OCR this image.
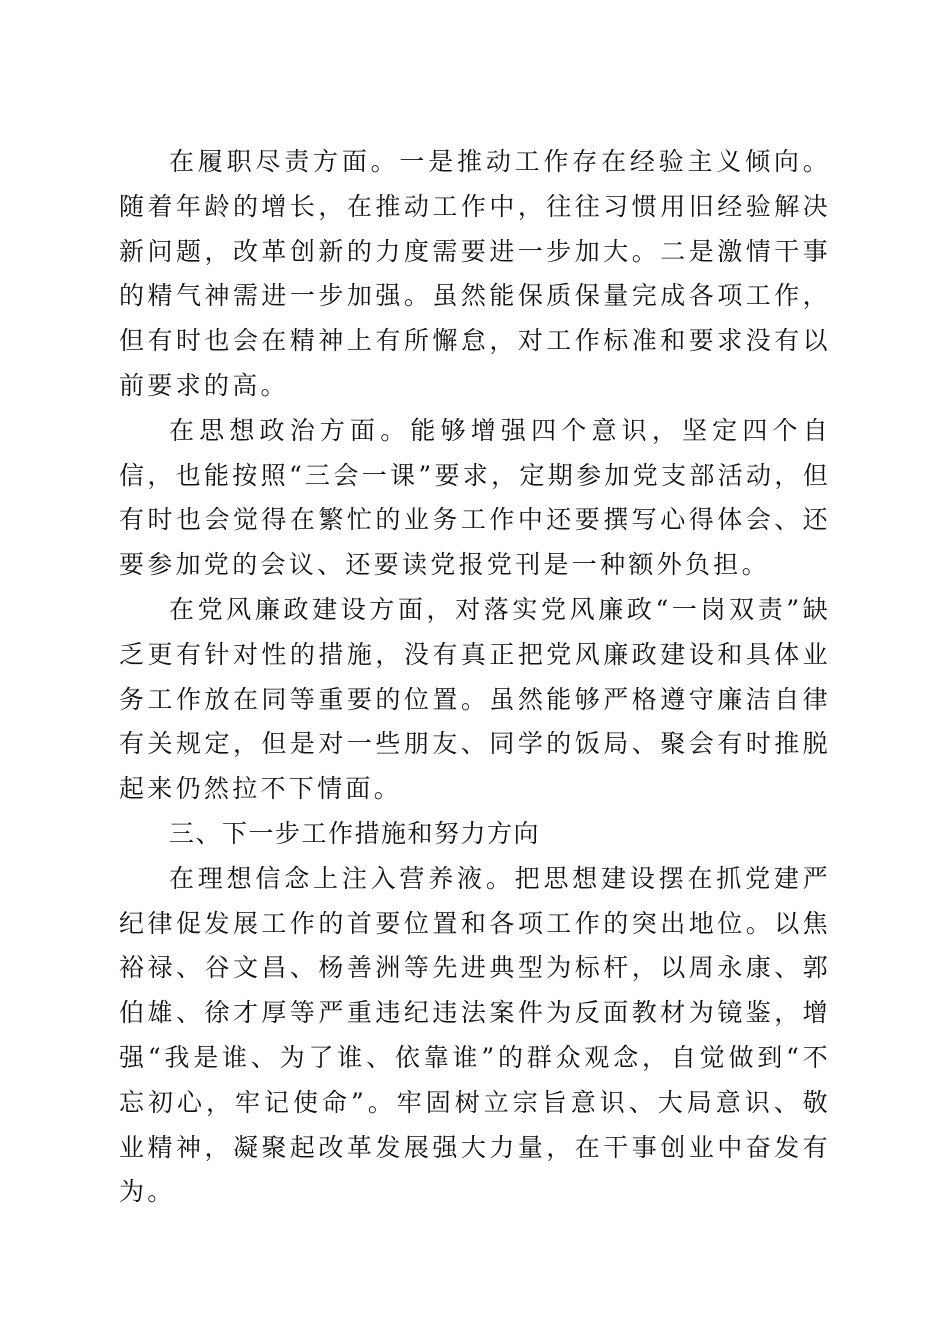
在履职尽责方面。一是推动工作存在经验主义倾向。随着年龄的增长，在推动工作中，往往习惯用旧经验解决新问题，改革创新的力度需要进一步加大。二是激情干事的精气神需进一步加强。虽然能保质保量完成各项工作，但有时也会在精神上有所懈怠，对工作标准和要求没有以前要求的高。

在思想政治方面。能够增强四个意识，坚定四个自信，也能按照“三会一课”要求，定期参加党支部活动，但有时也会觉得在繁忙的业务工作中还要撰写心得体会、还要参加党的会议、还要读党报党刊是一种额外负担。

在党风廉政建设方面，对落实党风廉政“一岗双责”缺乏更有针对性的措施，没有真正把党风廉政建设和具体业务工作放在同等重要的位置。虽然能够严格遵守廉洁自律有关规定，但是对一些朋友、同学的饭局、聚会有时推脱起来仍然拉不下情面。

三、下一步工作措施和努力方向

在理想信念上注入营养液。把思想建设摆在抓党建严纪律促发展工作的首要位置和各项工作的突出地位。以焦裕禄、谷文昌、杨善洲等先进典型为标杆，以周永康、郭伯雄、徐才厚等严重违纪违法案件为反面教材为镜鉴，增强“我是谁、为了谁、依靠谁”的群众观念，自觉做到“不忘初心，牢记使命”。牢固树立宗旨意识、大局意识、敬业精神，凝聚起改革发展强大力量，在干事创业中奋发有为。
